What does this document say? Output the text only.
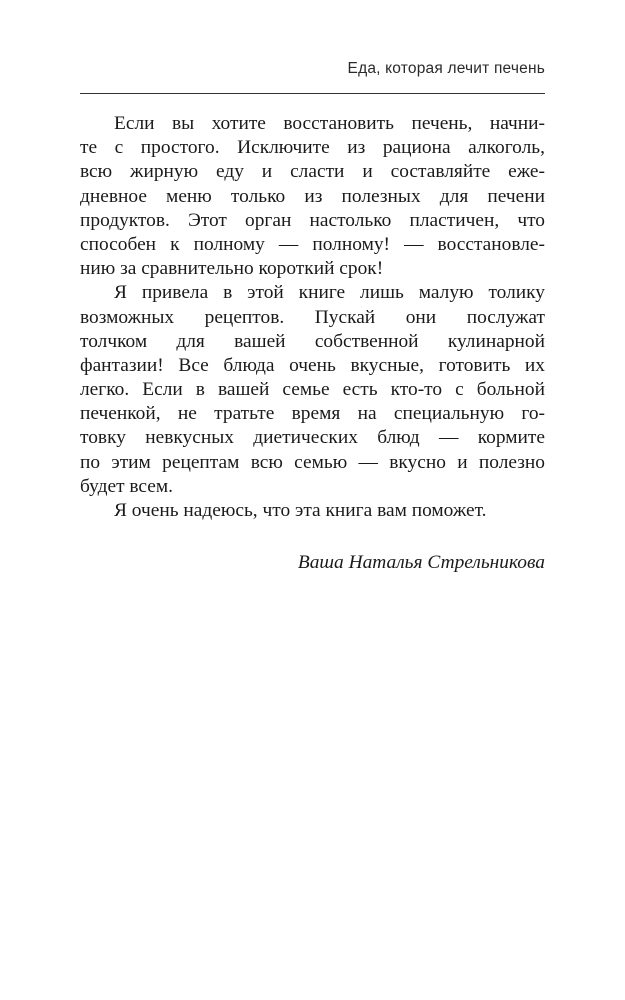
Еда, которая лечит печень
Если вы хотите восстановить печень, начни-
те с простого. Исключите из рациона алкоголь,
всю жирную еду и сласти и составляйте еже-
дневное меню только из полезных для печени
продуктов. Этот орган настолько пластичен, что
способен к полному — полному! — восстановле-
нию за сравнительно короткий срок!
Я привела в этой книге лишь малую толику
возможных рецептов. Пускай они послужат
толчком для вашей собственной кулинарной
фантазии! Все блюда очень вкусные, готовить их
легко. Если в вашей семье есть кто-то с больной
печенкой, не тратьте время на специальную го-
товку невкусных диетических блюд — кормите
по этим рецептам всю семью — вкусно и полезно
будет всем.
Я очень надеюсь, что эта книга вам поможет.
Ваша Наталья Стрельникова
